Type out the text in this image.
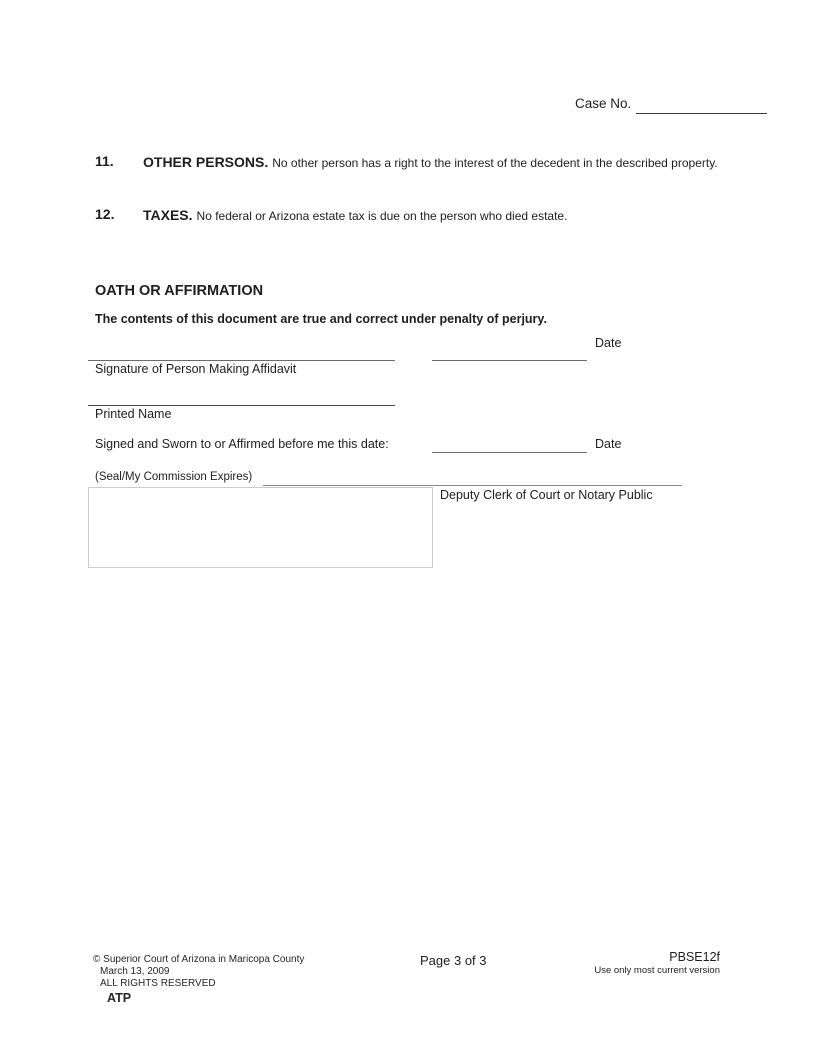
Case No.
11. OTHER PERSONS. No other person has a right to the interest of the decedent in the described property.
12. TAXES. No federal or Arizona estate tax is due on the person who died estate.
OATH OR AFFIRMATION
The contents of this document are true and correct under penalty of perjury.
Date
Signature of Person Making Affidavit
Printed Name
Signed and Sworn to or Affirmed before me this date:	Date
(Seal/My Commission Expires)
Deputy Clerk of Court or Notary Public
© Superior Court of Arizona in Maricopa County
March 13, 2009
ALL RIGHTS RESERVED
ATP
Page 3 of 3	PBSE12f
Use only most current version
